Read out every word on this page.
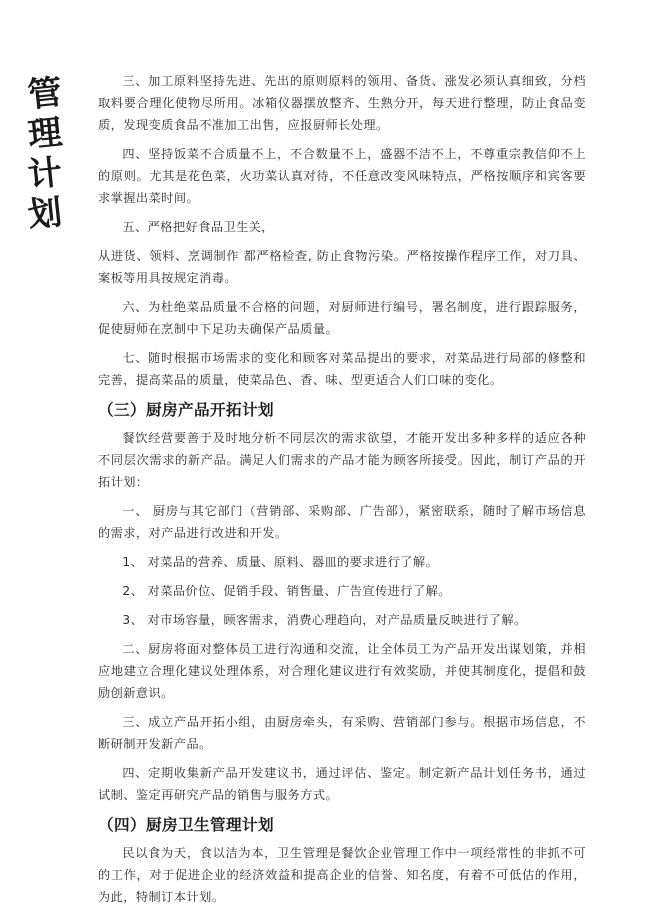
管
理
计
划

三、加工原料坚持先进、先出的原则原料的领用、备货、涨发必须认真细致，分档取料要合理化使物尽所用。冰箱仪器摆放整齐、生熟分开，每天进行整理，防止食品变质，发现变质食品不准加工出售，应报厨师长处理。

四、坚持饭菜不合质量不上，不合数量不上，盛器不洁不上，不尊重宗教信仰不上的原则。尤其是花色菜，火功菜认真对待，不任意改变风味特点，严格按顺序和宾客要求掌握出菜时间。

五、严格把好食品卫生关，

从进货、领料、烹调制作 都严格检查, 防止食物污染。严格按操作程序工作，对刀具、案板等用具按规定消毒。

六、为杜绝菜品质量不合格的问题，对厨师进行编号，署名制度，进行跟踪服务，促使厨师在烹制中下足功夫确保产品质量。

七、随时根据市场需求的变化和顾客对菜品提出的要求，对菜品进行局部的修整和完善，提高菜品的质量，使菜品色、香、味、型更适合人们口味的变化。

（三）厨房产品开拓计划

餐饮经营要善于及时地分析不同层次的需求欲望，才能开发出多种多样的适应各种不同层次需求的新产品。满足人们需求的产品才能为顾客所接受。因此，制订产品的开拓计划：

一、 厨房与其它部门（营销部、采购部、广告部），紧密联系，随时了解市场信息的需求，对产品进行改进和开发。

1、 对菜品的营养、质量、原料、器皿的要求进行了解。

2、 对菜品价位、促销手段、销售量、广告宣传进行了解。

3、 对市场容量，顾客需求，消费心理趋向，对产品质量反映进行了解。

二、厨房将面对整体员工进行沟通和交流，让全体员工为产品开发出谋划策，并相应地建立合理化建议处理体系，对合理化建议进行有效奖励，并使其制度化，提倡和鼓励创新意识。

三、成立产品开拓小组，由厨房牵头，有采购、营销部门参与。根据市场信息，不断研制开发新产品。

四、定期收集新产品开发建议书，通过评估、鉴定。制定新产品计划任务书，通过试制、鉴定再研究产品的销售与服务方式。

（四）厨房卫生管理计划

民以食为天，食以洁为本，卫生管理是餐饮企业管理工作中一项经常性的非抓不可的工作，对于促进企业的经济效益和提高企业的信誉、知名度，有着不可低估的作用，为此，特制订本计划。
